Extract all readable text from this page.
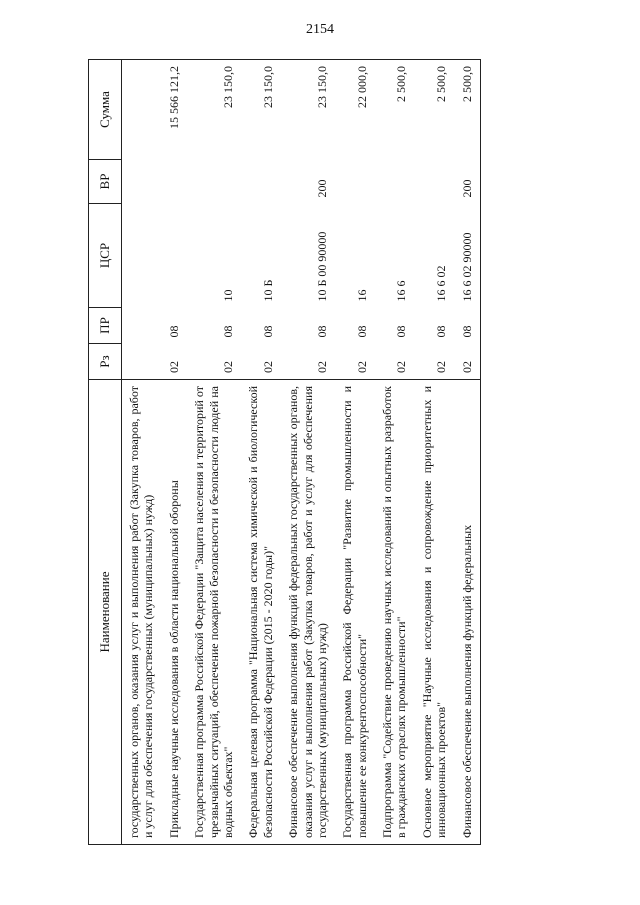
2154
Наименование	Рз	ПР	ЦСР	ВР	Сумма
государственных органов, оказания услуг и выполнения работ (Закупка товаров, работ и услуг для обеспечения государственных (муниципальных) нужд)					
Прикладные научные исследования в области национальной обороны	02	08			15 566 121,2
Государственная программа Российской Федерации "Защита населения и территорий от чрезвычайных ситуаций, обеспечение пожарной безопасности и безопасности людей на водных объектах"	02	08	10		23 150,0
Федеральная целевая программа "Национальная система химической и биологической безопасности Российской Федерации (2015 - 2020 годы)"	02	08	10 Б		23 150,0
Финансовое обеспечение выполнения функций федеральных государственных органов, оказания услуг и выполнения работ (Закупка товаров, работ и услуг для обеспечения государственных (муниципальных) нужд)	02	08	10 Б 00 90000	200	23 150,0
Государственная программа Российской Федерации "Развитие промышленности и повышение ее конкурентоспособности"	02	08	16		22 000,0
Подпрограмма "Содействие проведению научных исследований и опытных разработок в гражданских отраслях промышленности"	02	08	16 6		2 500,0
Основное мероприятие "Научные исследования и сопровождение приоритетных и инновационных проектов"	02	08	16 6 02		2 500,0
Финансовое обеспечение выполнения функций федеральных	02	08	16 6 02 90000	200	2 500,0
